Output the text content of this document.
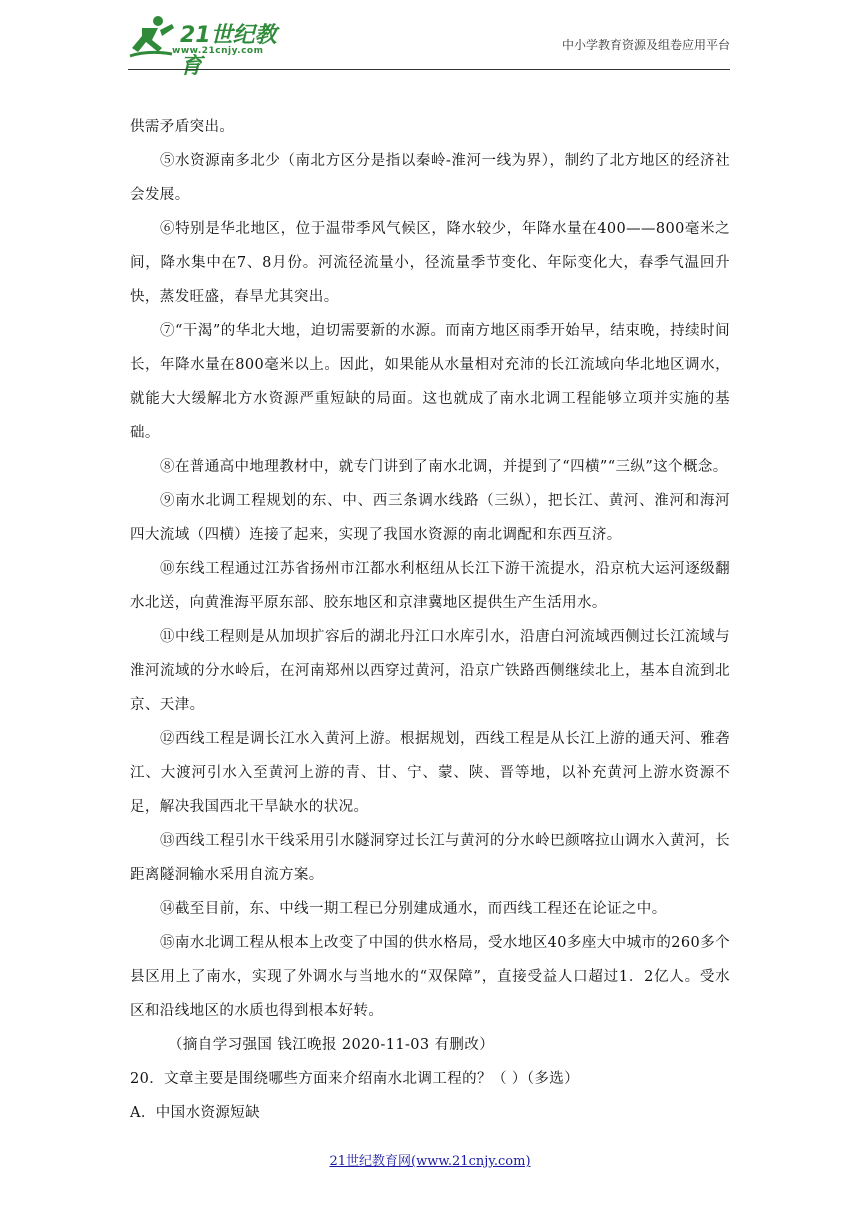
21世纪教育
www.21cnjy.com	中小学教育资源及组卷应用平台

供需矛盾突出。

⑤水资源南多北少（南北方区分是指以秦岭-淮河一线为界），制约了北方地区的经济社会发展。

⑥特别是华北地区，位于温带季风气候区，降水较少，年降水量在400——800毫米之间，降水集中在7、8月份。河流径流量小，径流量季节变化、年际变化大，春季气温回升快，蒸发旺盛，春旱尤其突出。

⑦“干渴”的华北大地，迫切需要新的水源。而南方地区雨季开始早，结束晚，持续时间长，年降水量在800毫米以上。因此，如果能从水量相对充沛的长江流域向华北地区调水，就能大大缓解北方水资源严重短缺的局面。这也就成了南水北调工程能够立项并实施的基础。

⑧在普通高中地理教材中，就专门讲到了南水北调，并提到了“四横”“三纵”这个概念。

⑨南水北调工程规划的东、中、西三条调水线路（三纵），把长江、黄河、淮河和海河四大流域（四横）连接了起来，实现了我国水资源的南北调配和东西互济。

⑩东线工程通过江苏省扬州市江都水利枢纽从长江下游干流提水，沿京杭大运河逐级翻水北送，向黄淮海平原东部、胶东地区和京津冀地区提供生产生活用水。

⑪中线工程则是从加坝扩容后的湖北丹江口水库引水，沿唐白河流域西侧过长江流域与淮河流域的分水岭后，在河南郑州以西穿过黄河，沿京广铁路西侧继续北上，基本自流到北京、天津。

⑫西线工程是调长江水入黄河上游。根据规划，西线工程是从长江上游的通天河、雅砻江、大渡河引水入至黄河上游的青、甘、宁、蒙、陕、晋等地，以补充黄河上游水资源不足，解决我国西北干旱缺水的状况。

⑬西线工程引水干线采用引水隧洞穿过长江与黄河的分水岭巴颜喀拉山调水入黄河，长距离隧洞输水采用自流方案。

⑭截至目前，东、中线一期工程已分别建成通水，而西线工程还在论证之中。

⑮南水北调工程从根本上改变了中国的供水格局，受水地区40多座大中城市的260多个县区用上了南水，实现了外调水与当地水的“双保障”，直接受益人口超过1．2亿人。受水区和沿线地区的水质也得到根本好转。

（摘自学习强国 钱江晚报 2020-11-03 有删改）

20．文章主要是围绕哪些方面来介绍南水北调工程的？（ ）（多选）

A．中国水资源短缺

21世纪教育网(www.21cnjy.com)
